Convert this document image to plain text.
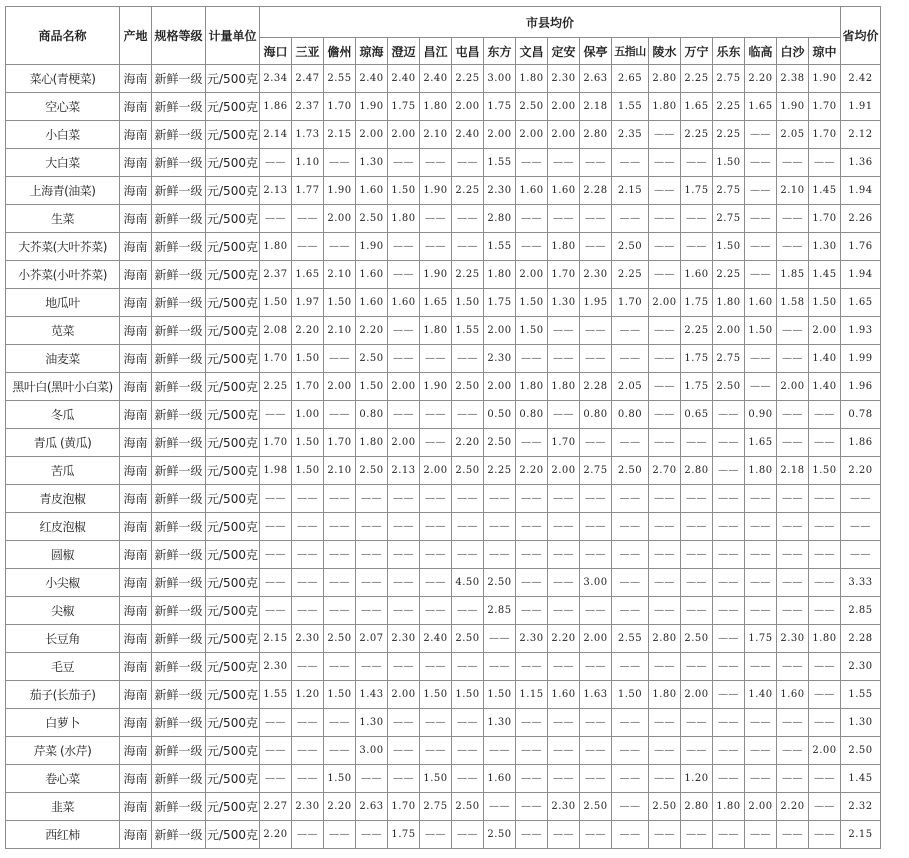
商品名称	产地	规格等级	计量单位	市县均价																		省均价
				海口	三亚	儋州	琼海	澄迈	昌江	屯昌	东方	文昌	定安	保亭	五指山	陵水	万宁	乐东	临高	白沙	琼中	
菜心(青梗菜)	海南	新鲜一级	元/500克	2.34	2.47	2.55	2.40	2.40	2.40	2.25	3.00	1.80	2.30	2.63	2.65	2.80	2.25	2.75	2.20	2.38	1.90	2.42
空心菜	海南	新鲜一级	元/500克	1.86	2.37	1.70	1.90	1.75	1.80	2.00	1.75	2.50	2.00	2.18	1.55	1.80	1.65	2.25	1.65	1.90	1.70	1.91
小白菜	海南	新鲜一级	元/500克	2.14	1.73	2.15	2.00	2.00	2.10	2.40	2.00	2.00	2.00	2.80	2.35	——	2.25	2.25	——	2.05	1.70	2.12
大白菜	海南	新鲜一级	元/500克	——	1.10	——	1.30	——	——	——	1.55	——	——	——	——	——	——	1.50	——	——	——	1.36
上海青(油菜)	海南	新鲜一级	元/500克	2.13	1.77	1.90	1.60	1.50	1.90	2.25	2.30	1.60	1.60	2.28	2.15	——	1.75	2.75	——	2.10	1.45	1.94
生菜	海南	新鲜一级	元/500克	——	——	2.00	2.50	1.80	——	——	2.80	——	——	——	——	——	——	2.75	——	——	1.70	2.26
大芥菜(大叶芥菜)	海南	新鲜一级	元/500克	1.80	——	——	1.90	——	——	——	1.55	——	1.80	——	2.50	——	——	1.50	——	——	1.30	1.76
小芥菜(小叶芥菜)	海南	新鲜一级	元/500克	2.37	1.65	2.10	1.60	——	1.90	2.25	1.80	2.00	1.70	2.30	2.25	——	1.60	2.25	——	1.85	1.45	1.94
地瓜叶	海南	新鲜一级	元/500克	1.50	1.97	1.50	1.60	1.60	1.65	1.50	1.75	1.50	1.30	1.95	1.70	2.00	1.75	1.80	1.60	1.58	1.50	1.65
苋菜	海南	新鲜一级	元/500克	2.08	2.20	2.10	2.20	——	1.80	1.55	2.00	1.50	——	——	——	——	2.25	2.00	1.50	——	2.00	1.93
油麦菜	海南	新鲜一级	元/500克	1.70	1.50	——	2.50	——	——	——	2.30	——	——	——	——	——	1.75	2.75	——	——	1.40	1.99
黑叶白(黑叶小白菜)	海南	新鲜一级	元/500克	2.25	1.70	2.00	1.50	2.00	1.90	2.50	2.00	1.80	1.80	2.28	2.05	——	1.75	2.50	——	2.00	1.40	1.96
冬瓜	海南	新鲜一级	元/500克	——	1.00	——	0.80	——	——	——	0.50	0.80	——	0.80	0.80	——	0.65	——	0.90	——	——	0.78
青瓜 (黄瓜)	海南	新鲜一级	元/500克	1.70	1.50	1.70	1.80	2.00	——	2.20	2.50	——	1.70	——	——	——	——	——	1.65	——	——	1.86
苦瓜	海南	新鲜一级	元/500克	1.98	1.50	2.10	2.50	2.13	2.00	2.50	2.25	2.20	2.00	2.75	2.50	2.70	2.80	——	1.80	2.18	1.50	2.20
青皮泡椒	海南	新鲜一级	元/500克	——	——	——	——	——	——	——	——	——	——	——	——	——	——	——	——	——	——	——
红皮泡椒	海南	新鲜一级	元/500克	——	——	——	——	——	——	——	——	——	——	——	——	——	——	——	——	——	——	——
圆椒	海南	新鲜一级	元/500克	——	——	——	——	——	——	——	——	——	——	——	——	——	——	——	——	——	——	——
小尖椒	海南	新鲜一级	元/500克	——	——	——	——	——	——	4.50	2.50	——	——	3.00	——	——	——	——	——	——	——	3.33
尖椒	海南	新鲜一级	元/500克	——	——	——	——	——	——	——	2.85	——	——	——	——	——	——	——	——	——	——	2.85
长豆角	海南	新鲜一级	元/500克	2.15	2.30	2.50	2.07	2.30	2.40	2.50	——	2.30	2.20	2.00	2.55	2.80	2.50	——	1.75	2.30	1.80	2.28
毛豆	海南	新鲜一级	元/500克	2.30	——	——	——	——	——	——	——	——	——	——	——	——	——	——	——	——	——	2.30
茄子(长茄子)	海南	新鲜一级	元/500克	1.55	1.20	1.50	1.43	2.00	1.50	1.50	1.50	1.15	1.60	1.63	1.50	1.80	2.00	——	1.40	1.60	——	1.55
白萝卜	海南	新鲜一级	元/500克	——	——	——	1.30	——	——	——	1.30	——	——	——	——	——	——	——	——	——	——	1.30
芹菜 (水芹)	海南	新鲜一级	元/500克	——	——	——	3.00	——	——	——	——	——	——	——	——	——	——	——	——	——	2.00	2.50
卷心菜	海南	新鲜一级	元/500克	——	——	1.50	——	——	1.50	——	1.60	——	——	——	——	——	1.20	——	——	——	——	1.45
韭菜	海南	新鲜一级	元/500克	2.27	2.30	2.20	2.63	1.70	2.75	2.50	——	——	2.30	2.50	——	2.50	2.80	1.80	2.00	2.20	——	2.32
西红柿	海南	新鲜一级	元/500克	2.20	——	——	——	1.75	——	——	2.50	——	——	——	——	——	——	——	——	——	——	2.15
